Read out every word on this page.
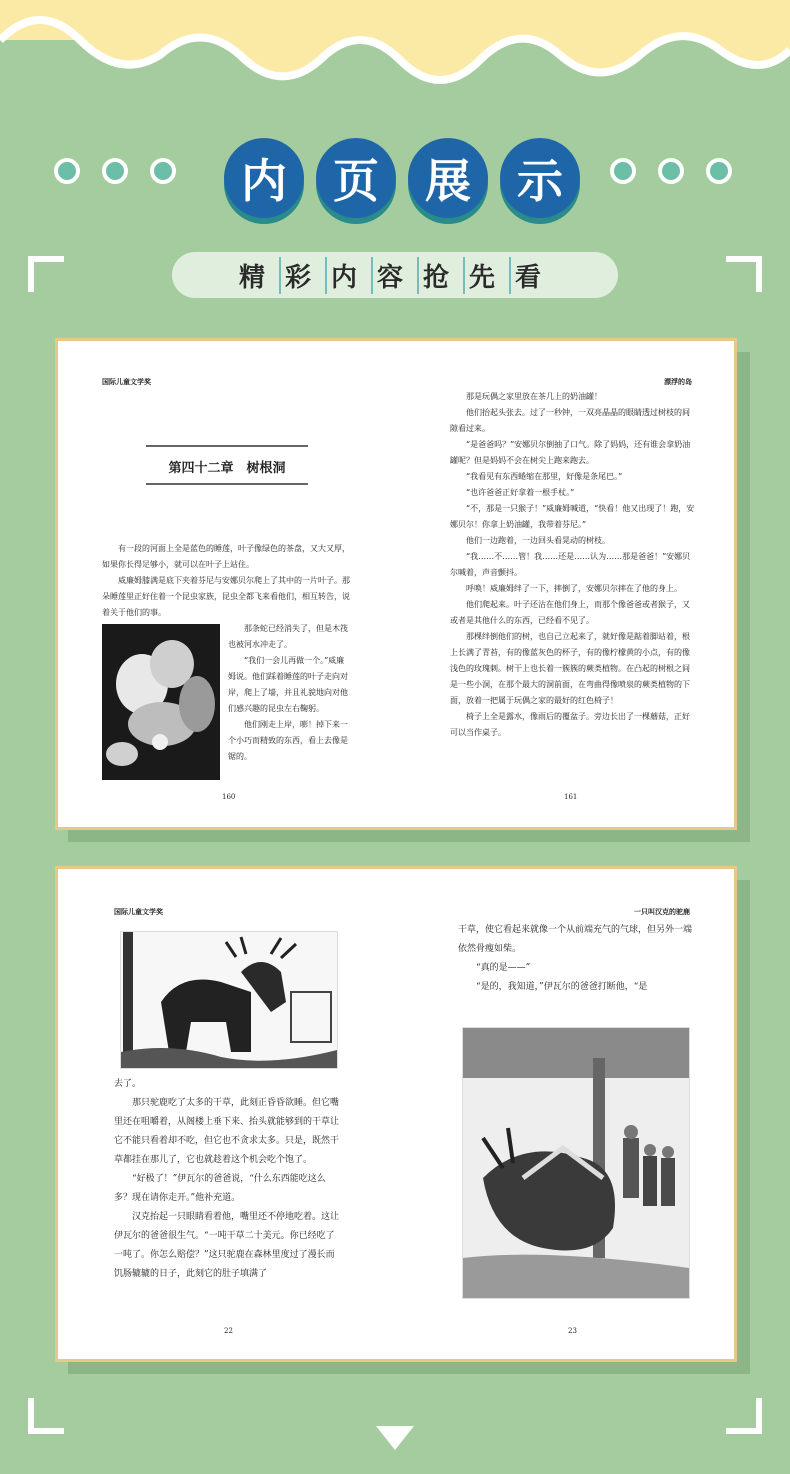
内	页	展	示
精 彩 内 容 抢 先 看
国际儿童文学奖	漂浮的岛
第四十二章　树根洞

有一段的河面上全是蓝色的睡莲，叶子像绿色的茶盘，又大又厚，如果你长得足够小，就可以在叶子上站住。

威廉姆膝满是底下夹着芬尼与安娜贝尔爬上了其中的一片叶子。那朵睡莲里正好住着一个昆虫家族，昆虫全都飞来看他们，相互转告，说着关于他们的事。

那条蛇已经消失了，但是木筏也被河水冲走了。

“我们一会儿再做一个。”威廉姆说。他们踩着睡莲的叶子走向对岸，爬上了墙，并且礼貌地向对他们感兴趣的昆虫左右鞠躬。

他们刚走上岸，嘭！掉下来一个小巧而精致的东西，看上去像是锯的。

160

那是玩偶之家里放在茶几上的奶油罐！

他们抬起头张去。过了一秒钟，一双亮晶晶的眼睛透过树枝的间隙看过来。

“是爸爸吗？”安娜贝尔倒抽了口气。除了妈妈，还有谁会拿奶油罐呢？但是妈妈不会在树尖上跑来跑去。

“我看见有东西蜷缩在那里，好像是条尾巴。”

“也许爸爸正好拿着一根手杖。”

“不，那是一只猴子！”威廉姆喊道，“快看！他又出现了！跑，安娜贝尔！你拿上奶油罐，我带着芬尼。”

他们一边跑着，一边回头看晃动的树枝。

“我……不……管！我……还是……认为……那是爸爸！”安娜贝尔喊着，声音颤抖。

呼唤！威廉姆绊了一下，摔倒了，安娜贝尔摔在了他的身上。

他们爬起来。叶子还沾在他们身上，而那个像爸爸或者猴子，又或者是其他什么的东西，已经看不见了。

那棵绊倒他们的树，也自己立起来了，就好像是踮着脚站着，根上长满了青苔，有的像蓝灰色的杯子，有的像柠檬黄的小点，有的像浅色的玫瑰刺。树干上也长着一簇簇的蕨类植物。在凸起的树根之间是一些小洞，在那个最大的洞前面，在弯曲得像喷泉的蕨类植物的下面，放着一把属于玩偶之家的最好的红色椅子！

椅子上全是露水，像雨后的覆盆子。旁边长出了一棵蘑菇，正好可以当作桌子。

161
国际儿童文学奖	一只叫汉克的驼鹿

去了。

那只驼鹿吃了太多的干草，此刻正昏昏欲睡。但它嘴里还在咀嚼着，从阁楼上垂下来、抬头就能够到的干草让它不能只看着却不吃，但它也不贪求太多。只是，既然干草都挂在那儿了，它也就趁着这个机会吃个饱了。

“好极了！”伊瓦尔的爸爸说，“什么东西能吃这么多？现在请你走开。”他补充道。

汉克抬起一只眼睛看着他，嘴里还不停地吃着。这让伊瓦尔的爸爸很生气。“一吨干草二十美元。你已经吃了一吨了。你怎么赔偿？”这只驼鹿在森林里度过了漫长而饥肠辘辘的日子，此刻它的肚子填满了

22

干草，使它看起来就像一个从前端充气的气球，但另外一端依然骨瘦如柴。

“真的是——”

“是的，我知道，”伊瓦尔的爸爸打断他，“是

23
